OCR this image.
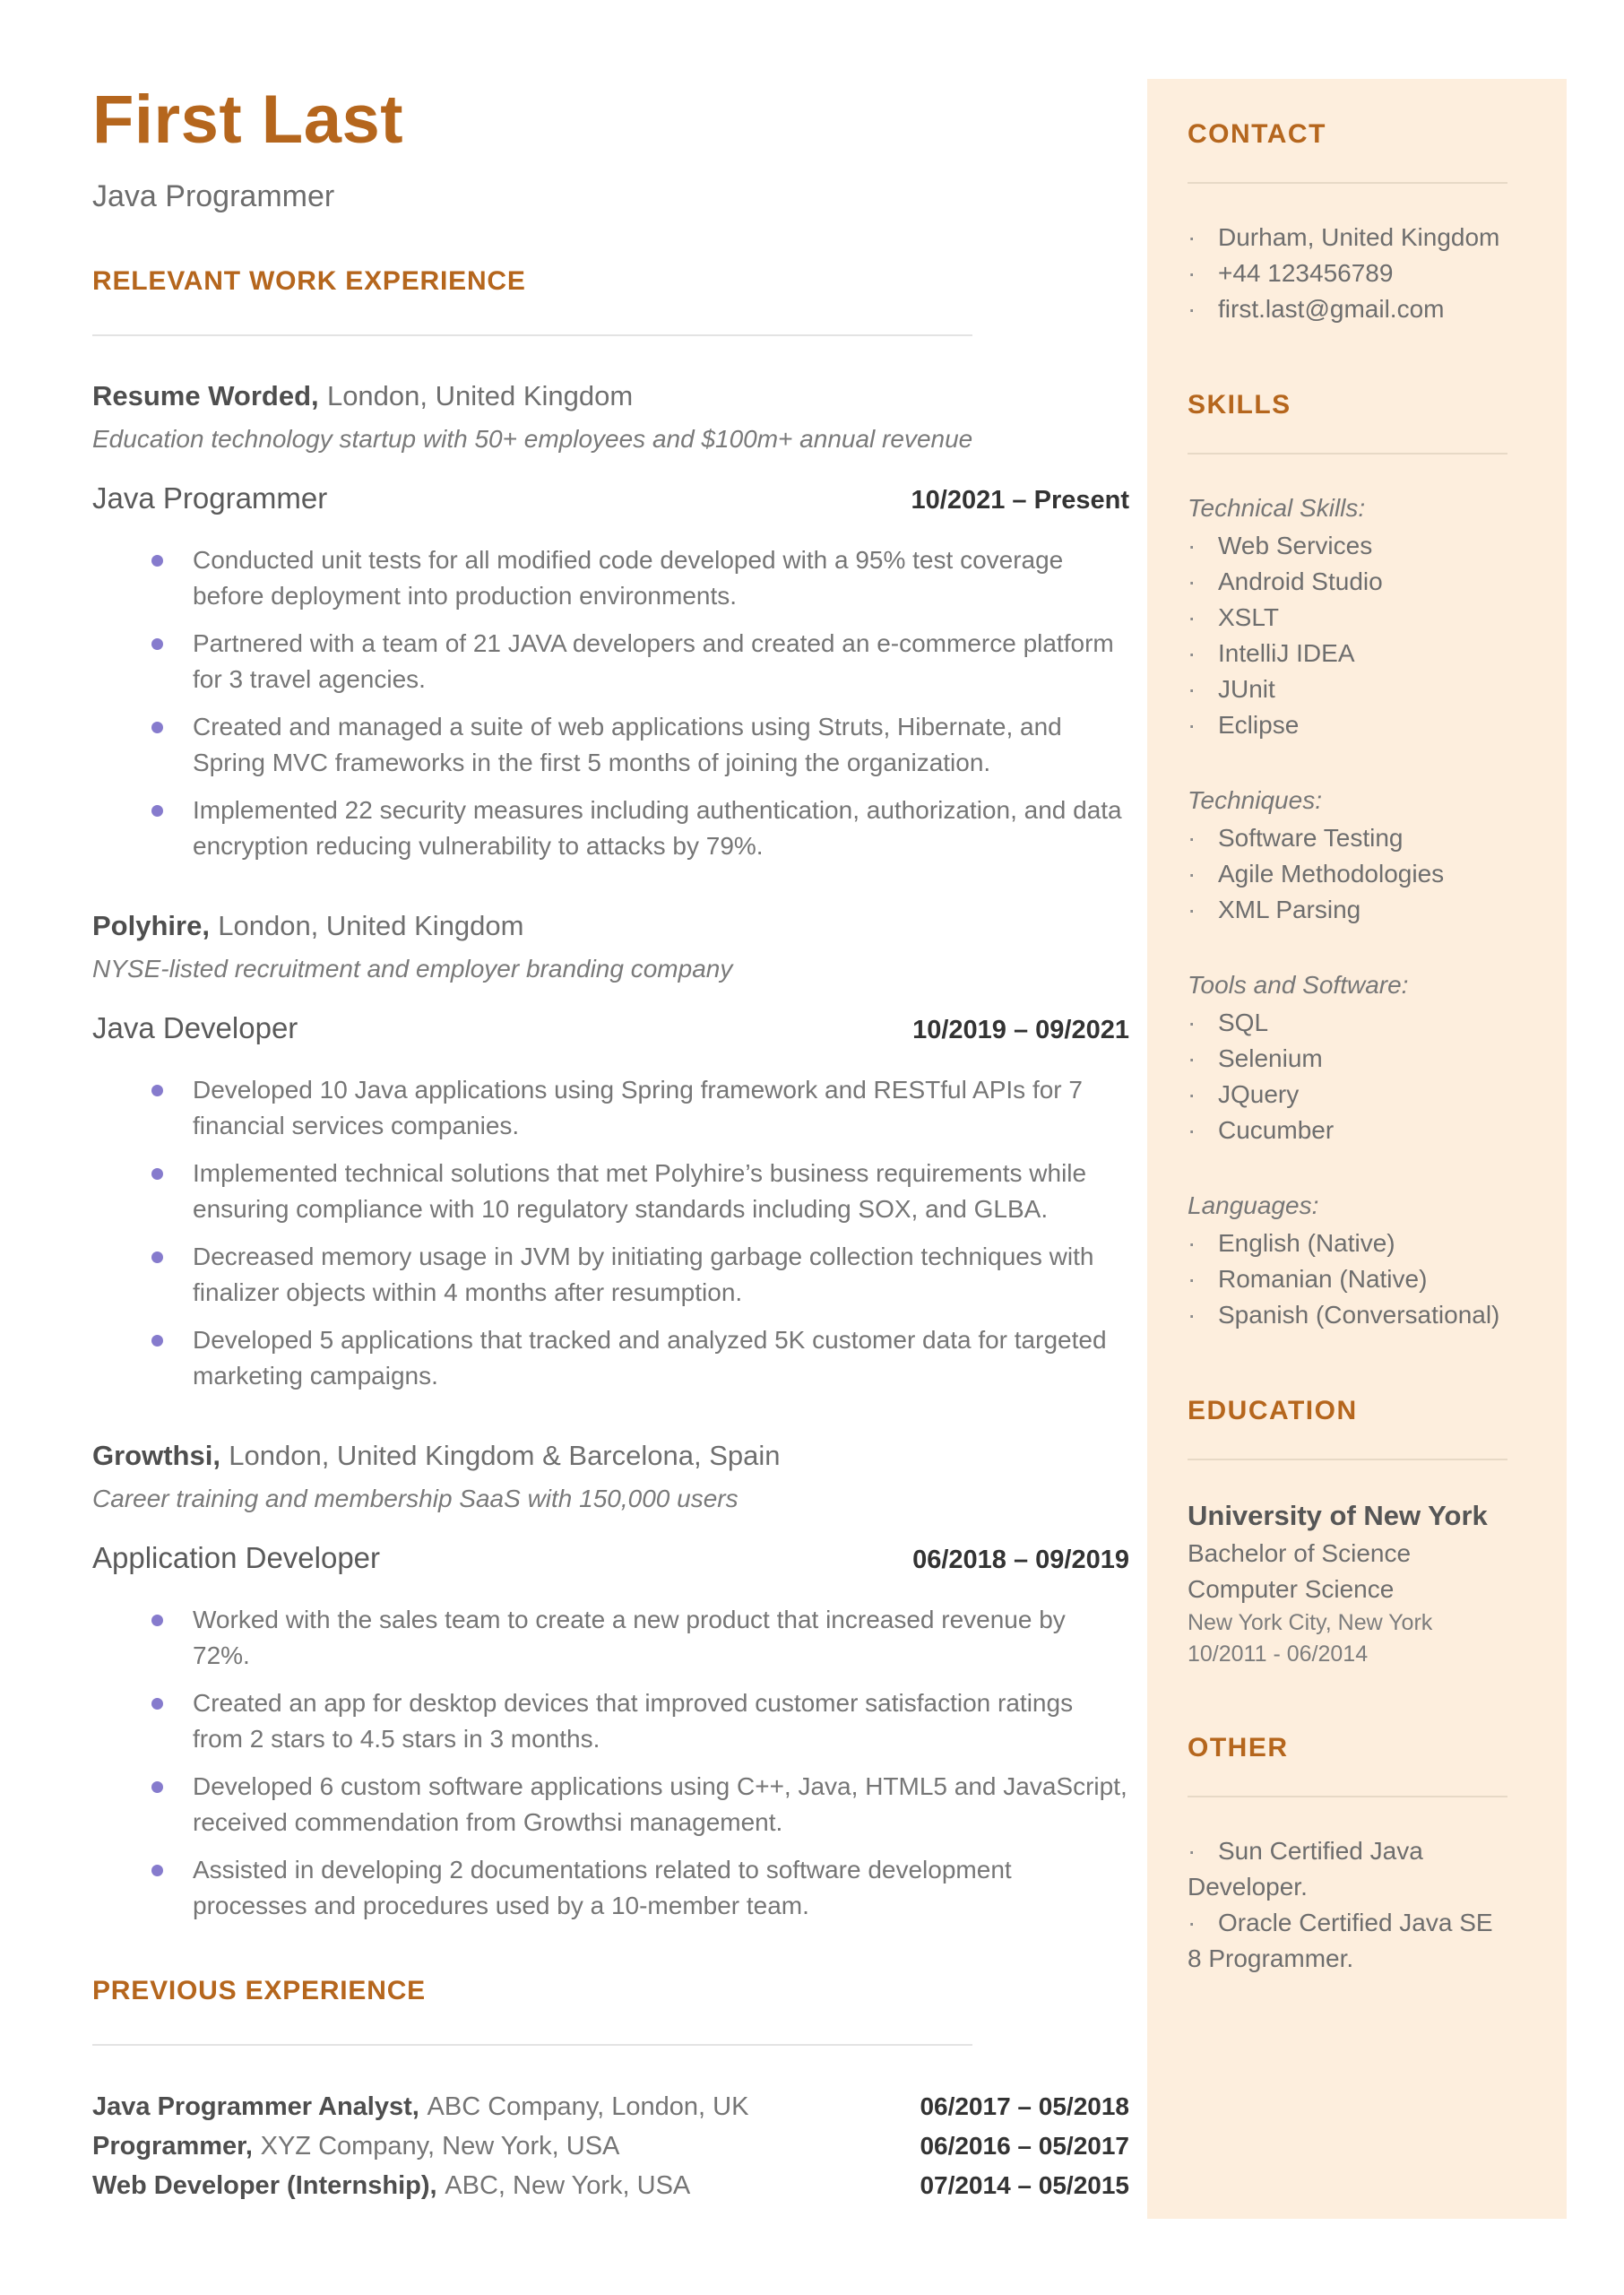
First Last
Java Programmer
RELEVANT WORK EXPERIENCE
Resume Worded, London, United Kingdom
Education technology startup with 50+ employees and $100m+ annual revenue
Java Programmer	10/2021 – Present
Conducted unit tests for all modified code developed with a 95% test coverage before deployment into production environments.
Partnered with a team of 21 JAVA developers and created an e-commerce platform for 3 travel agencies.
Created and managed a suite of web applications using Struts, Hibernate, and Spring MVC frameworks in the first 5 months of joining the organization.
Implemented 22 security measures including authentication, authorization, and data encryption reducing vulnerability to attacks by 79%.
Polyhire, London, United Kingdom
NYSE-listed recruitment and employer branding company
Java Developer	10/2019 – 09/2021
Developed 10 Java applications using Spring framework and RESTful APIs for 7 financial services companies.
Implemented technical solutions that met Polyhire’s business requirements while ensuring compliance with 10 regulatory standards including SOX, and GLBA.
Decreased memory usage in JVM by initiating garbage collection techniques with finalizer objects within 4 months after resumption.
Developed 5 applications that tracked and analyzed 5K customer data for targeted marketing campaigns.
Growthsi, London, United Kingdom & Barcelona, Spain
Career training and membership SaaS with 150,000 users
Application Developer	06/2018 – 09/2019
Worked with the sales team to create a new product that increased revenue by 72%.
Created an app for desktop devices that improved customer satisfaction ratings from 2 stars to 4.5 stars in 3 months.
Developed 6 custom software applications using C++, Java, HTML5 and JavaScript, received commendation from Growthsi management.
Assisted in developing 2 documentations related to software development processes and procedures used by a 10-member team.
PREVIOUS EXPERIENCE
Java Programmer Analyst, ABC Company, London, UK	06/2017 – 05/2018
Programmer, XYZ Company, New York, USA	06/2016 – 05/2017
Web Developer (Internship), ABC, New York, USA	07/2014 – 05/2015
CONTACT
· Durham, United Kingdom
· +44 123456789
· first.last@gmail.com
SKILLS
Technical Skills:
· Web Services
· Android Studio
· XSLT
· IntelliJ IDEA
· JUnit
· Eclipse
Techniques:
· Software Testing
· Agile Methodologies
· XML Parsing
Tools and Software:
· SQL
· Selenium
· JQuery
· Cucumber
Languages:
· English (Native)
· Romanian (Native)
· Spanish (Conversational)
EDUCATION
University of New York
Bachelor of Science
Computer Science
New York City, New York
10/2011 - 06/2014
OTHER
· Sun Certified Java Developer.
· Oracle Certified Java SE 8 Programmer.
